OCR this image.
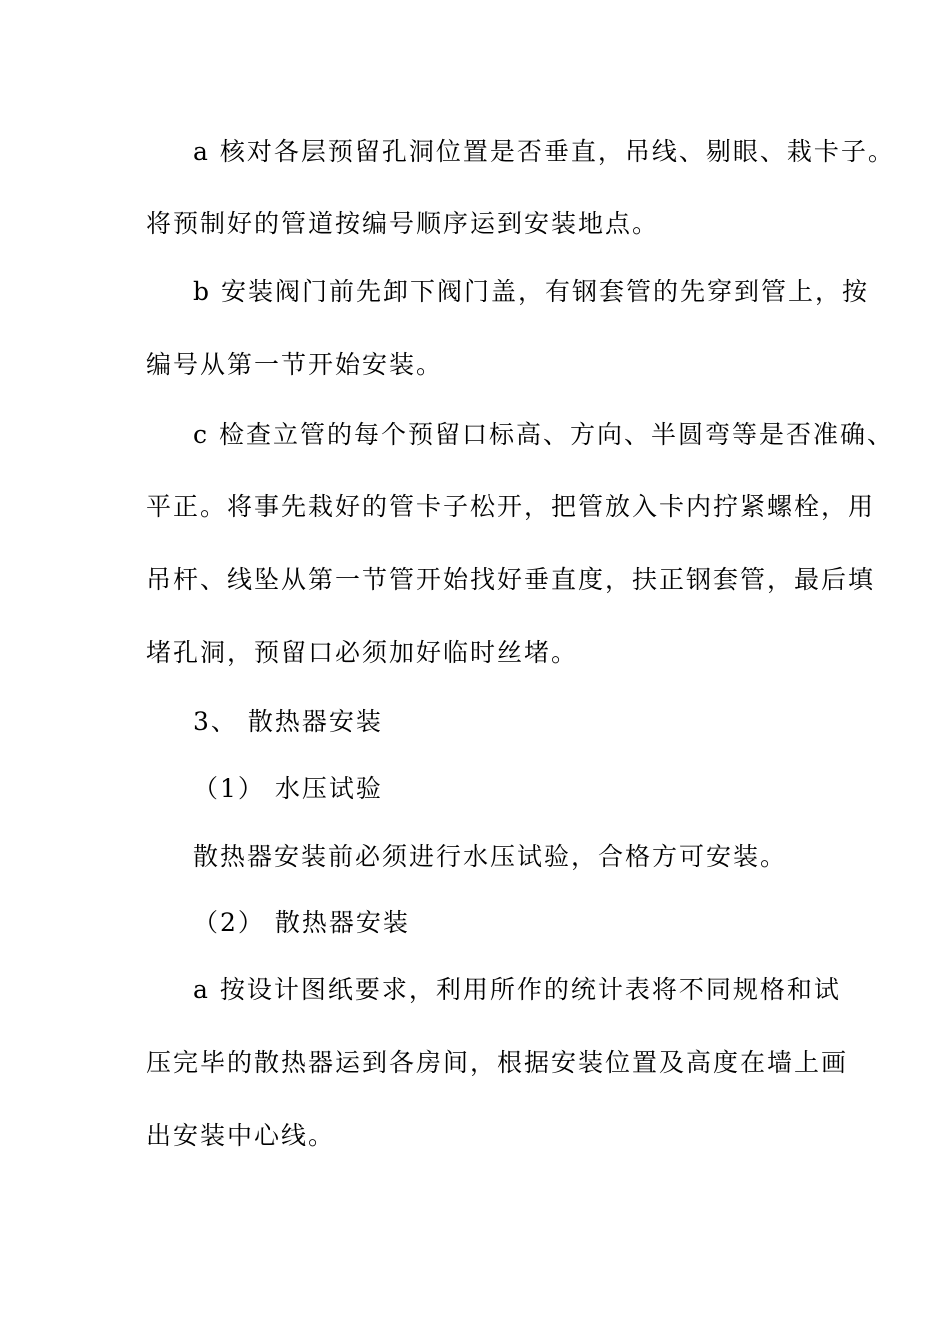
a 核对各层预留孔洞位置是否垂直，吊线、剔眼、栽卡子。

将预制好的管道按编号顺序运到安装地点。

b 安装阀门前先卸下阀门盖，有钢套管的先穿到管上，按

编号从第一节开始安装。

c 检查立管的每个预留口标高、方向、半圆弯等是否准确、

平正。将事先栽好的管卡子松开，把管放入卡内拧紧螺栓，用

吊杆、线坠从第一节管开始找好垂直度，扶正钢套管，最后填

堵孔洞，预留口必须加好临时丝堵。

3、 散热器安装

（1） 水压试验

散热器安装前必须进行水压试验，合格方可安装。

（2） 散热器安装

a 按设计图纸要求，利用所作的统计表将不同规格和试

压完毕的散热器运到各房间，根据安装位置及高度在墙上画

出安装中心线。
